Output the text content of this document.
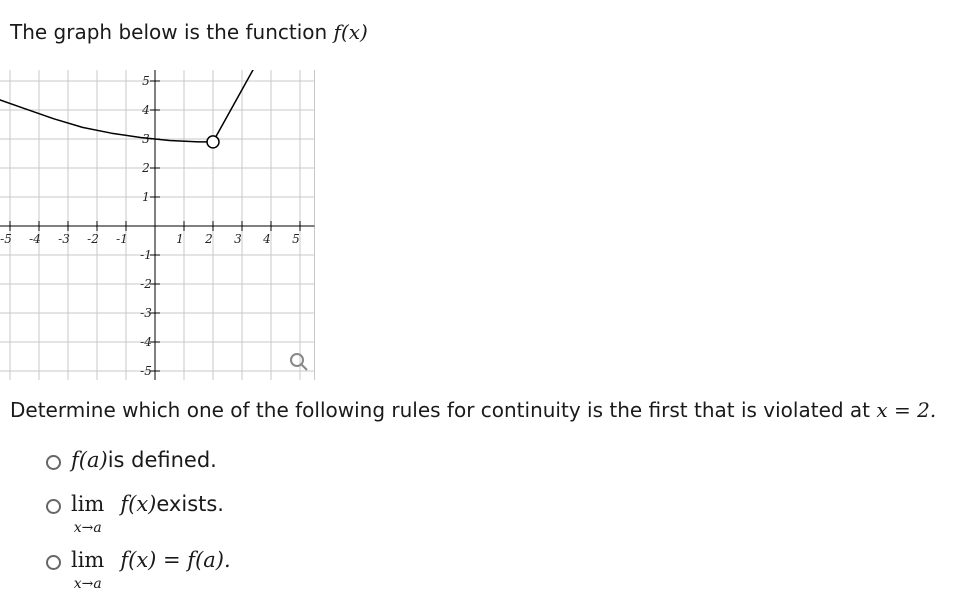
The graph below is the function f(x)
-5 -4 -3 -2 -1	1 2 3 4 5
5
4
3
2
1
-1
-2
-3
-4
-5
Determine which one of the following rules for continuity is the first that is violated at x = 2.
f(a) is defined.
lim
x→a
f(x) exists.
lim
x→a
f(x) = f(a).
